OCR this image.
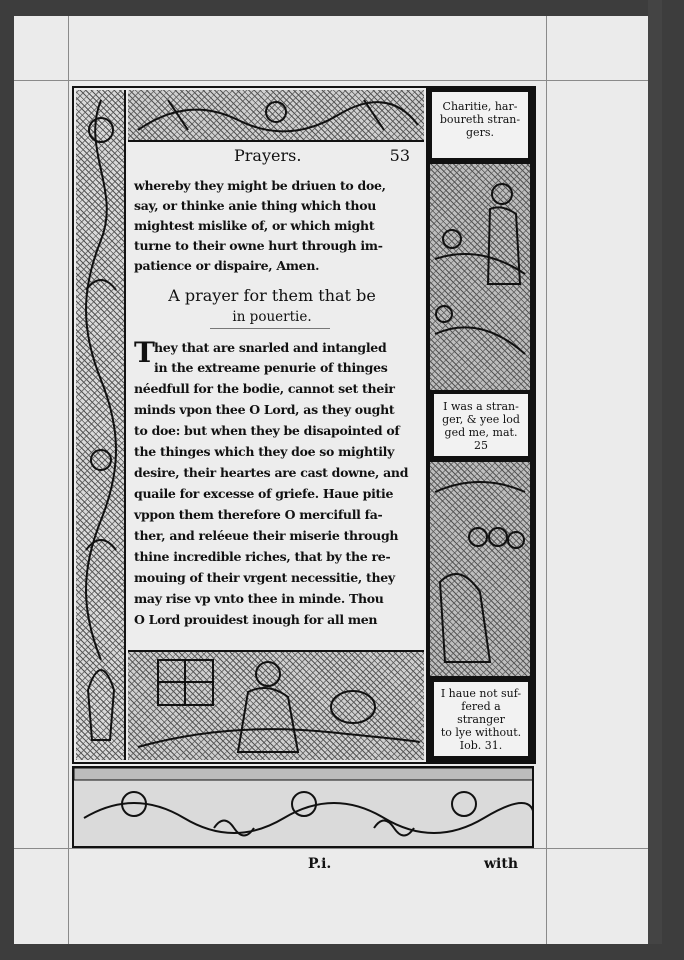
Prayers.	53
whereby they might be driuen to doe,
say, or thinke anie thing which thou
mightest mislike of, or which might
turne to their owne hurt through im-
patience or dispaire, Amen.
A prayer for them that be
in pouertie.
T hey that are snarled and intangled
in the extreame penurie of thinges
néedfull for the bodie, cannot set their
minds vpon thee O Lord, as they ought
to doe: but when they be disapointed of
the thinges which they doe so mightily
desire, their heartes are cast downe, and
quaile for excesse of griefe. Haue pitie
vppon them therefore O mercifull fa-
ther, and reléeue their miserie through
thine incredible riches, that by the re-
mouing of their vrgent necessitie, they
may rise vp vnto thee in minde. Thou
O Lord prouidest inough for all men
Charitie, har-
boureth stran-
gers.
I was a stran-
ger, & yee lod
ged me, mat. 25
I haue not suf-
fered a stranger
to lye without.
Iob. 31.
P.i.	with
